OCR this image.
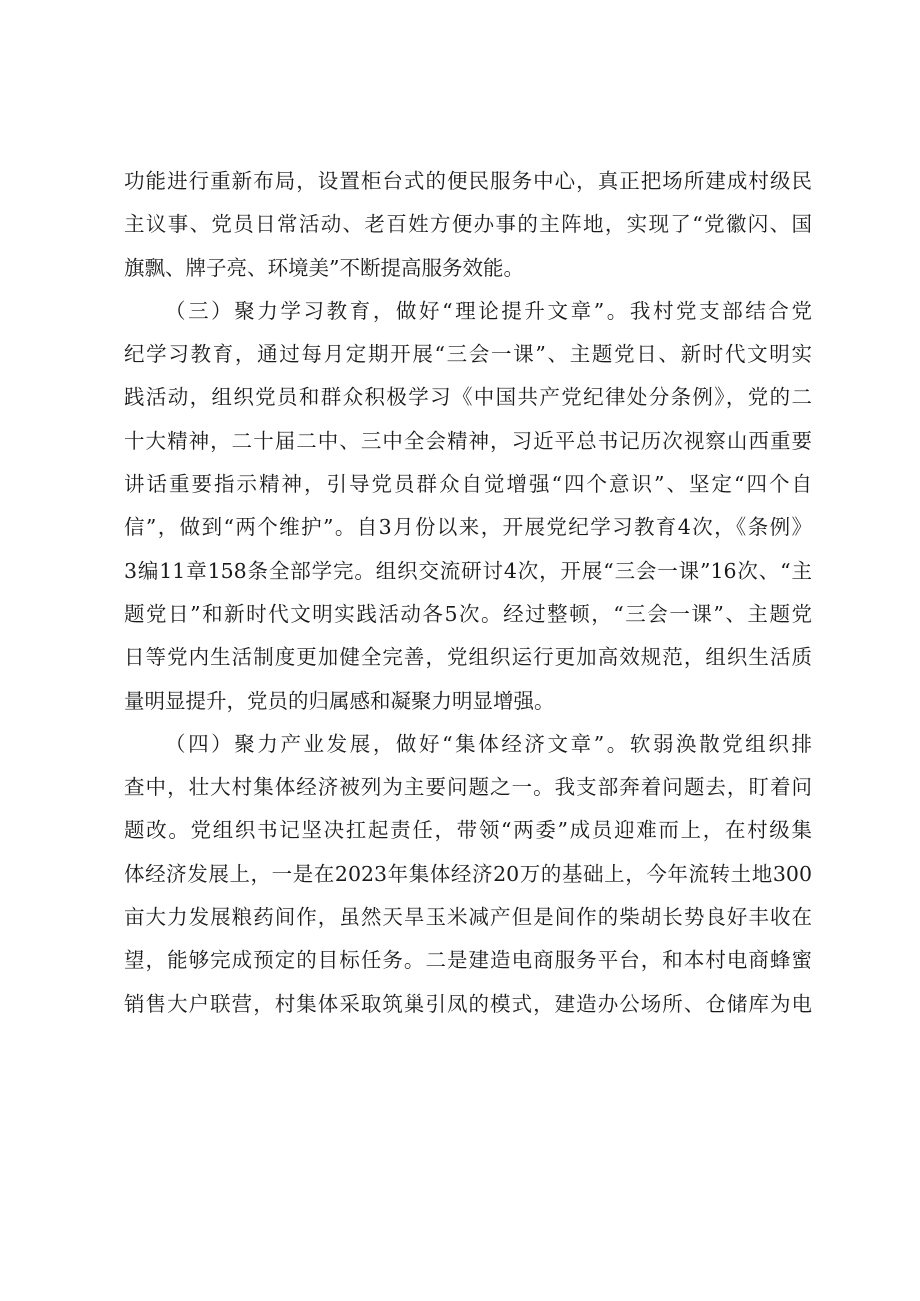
功能进行重新布局，设置柜台式的便民服务中心，真正把场所建成村级民
主议事、党员日常活动、老百姓方便办事的主阵地，实现了“党徽闪、国
旗飘、牌子亮、环境美”不断提高服务效能。
（三）聚力学习教育，做好“理论提升文章”。我村党支部结合党
纪学习教育，通过每月定期开展“三会一课”、主题党日、新时代文明实
践活动，组织党员和群众积极学习《中国共产党纪律处分条例》，党的二
十大精神，二十届二中、三中全会精神，习近平总书记历次视察山西重要
讲话重要指示精神，引导党员群众自觉增强“四个意识”、坚定“四个自
信”，做到“两个维护”。自3月份以来，开展党纪学习教育4次，《条例》
3编11章158条全部学完。组织交流研讨4次，开展“三会一课”16次、“主
题党日”和新时代文明实践活动各5次。经过整顿，“三会一课”、主题党
日等党内生活制度更加健全完善，党组织运行更加高效规范，组织生活质
量明显提升，党员的归属感和凝聚力明显增强。
（四）聚力产业发展，做好“集体经济文章”。软弱涣散党组织排
查中，壮大村集体经济被列为主要问题之一。我支部奔着问题去，盯着问
题改。党组织书记坚决扛起责任，带领“两委”成员迎难而上，在村级集
体经济发展上，一是在2023年集体经济20万的基础上，今年流转土地300
亩大力发展粮药间作，虽然天旱玉米减产但是间作的柴胡长势良好丰收在
望，能够完成预定的目标任务。二是建造电商服务平台，和本村电商蜂蜜
销售大户联营，村集体采取筑巢引凤的模式，建造办公场所、仓储库为电
